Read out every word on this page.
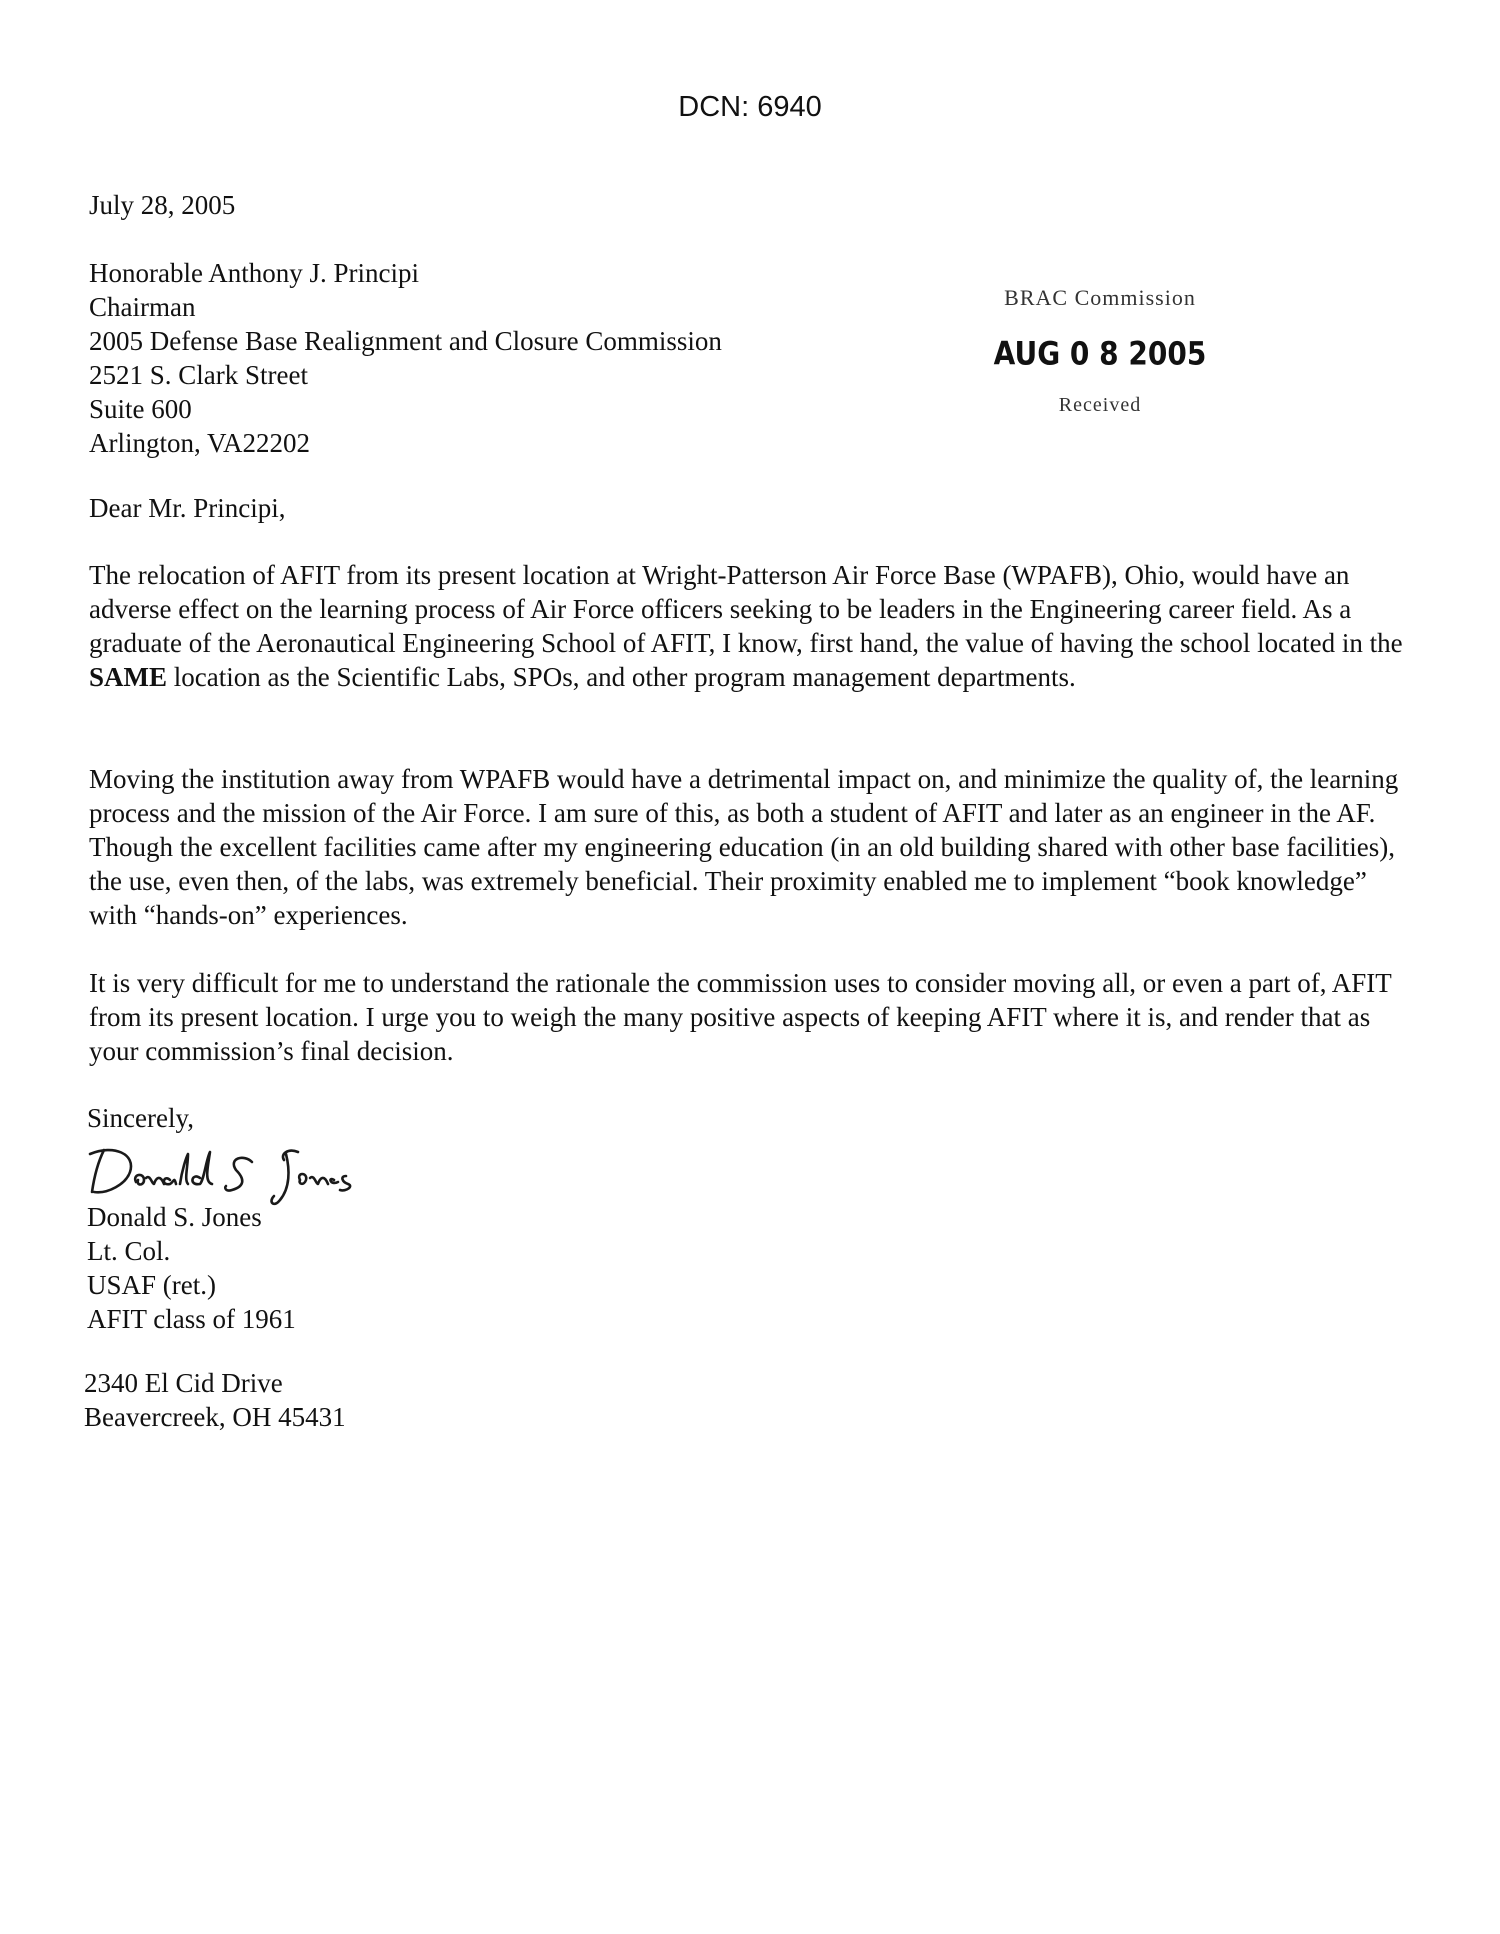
DCN: 6940
July 28, 2005
Honorable Anthony J. Principi
Chairman
2005 Defense Base Realignment and Closure Commission
2521 S. Clark Street
Suite 600
Arlington, VA22202
BRAC Commission
AUG 0 8 2005
Received
Dear Mr. Principi,

The relocation of AFIT from its present location at Wright-Patterson Air Force Base (WPAFB), Ohio, would have an adverse effect on the learning process of Air Force officers seeking to be leaders in the Engineering career field. As a graduate of the Aeronautical Engineering School of AFIT, I know, first hand, the value of having the school located in the SAME location as the Scientific Labs, SPOs, and other program management departments.

Moving the institution away from WPAFB would have a detrimental impact on, and minimize the quality of, the learning process and the mission of the Air Force. I am sure of this, as both a student of AFIT and later as an engineer in the AF. Though the excellent facilities came after my engineering education (in an old building shared with other base facilities), the use, even then, of the labs, was extremely beneficial. Their proximity enabled me to implement “book knowledge” with “hands-on” experiences.

It is very difficult for me to understand the rationale the commission uses to consider moving all, or even a part of, AFIT from its present location. I urge you to weigh the many positive aspects of keeping AFIT where it is, and render that as your commission’s final decision.

Sincerely,
Donald S. Jones
Lt. Col.
USAF (ret.)
AFIT class of 1961
2340 El Cid Drive
Beavercreek, OH 45431
